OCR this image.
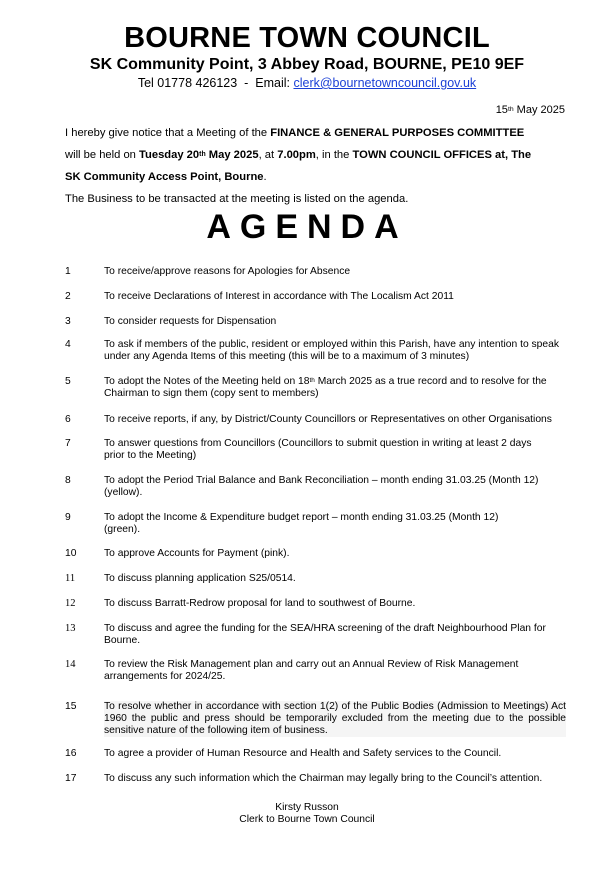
BOURNE TOWN COUNCIL
SK Community Point, 3 Abbey Road, BOURNE, PE10 9EF
Tel 01778 426123  -  Email: clerk@bournetowncouncil.gov.uk
15th May 2025
I hereby give notice that a Meeting of the FINANCE & GENERAL PURPOSES COMMITTEE
will be held on Tuesday 20th May 2025, at 7.00pm, in the TOWN COUNCIL OFFICES at, The
SK Community Access Point, Bourne.
The Business to be transacted at the meeting is listed on the agenda.
AGENDA
1	To receive/approve reasons for Apologies for Absence
2	To receive Declarations of Interest in accordance with The Localism Act 2011
3	To consider requests for Dispensation
4	To ask if members of the public, resident or employed within this Parish, have any intention to speak under any Agenda Items of this meeting (this will be to a maximum of 3 minutes)
5	To adopt the Notes of the Meeting held on 18th March 2025 as a true record and to resolve for the Chairman to sign them (copy sent to members)
6	To receive reports, if any, by District/County Councillors or Representatives on other Organisations
7	To answer questions from Councillors (Councillors to submit question in writing at least 2 days prior to the Meeting)
8	To adopt the Period Trial Balance and Bank Reconciliation – month ending 31.03.25 (Month 12) (yellow).
9	To adopt the Income & Expenditure budget report – month ending 31.03.25 (Month 12) (green).
10	To approve Accounts for Payment (pink).
11	To discuss planning application S25/0514.
12	To discuss Barratt-Redrow proposal for land to southwest of Bourne.
13	To discuss and agree the funding for the SEA/HRA screening of the draft Neighbourhood Plan for Bourne.
14	To review the Risk Management plan and carry out an Annual Review of Risk Management arrangements for 2024/25.
15	To resolve whether in accordance with section 1(2) of the Public Bodies (Admission to Meetings) Act 1960 the public and press should be temporarily excluded from the meeting due to the possible sensitive nature of the following item of business.
16	To agree a provider of Human Resource and Health and Safety services to the Council.
17	To discuss any such information which the Chairman may legally bring to the Council’s attention.
Kirsty Russon
Clerk to Bourne Town Council
